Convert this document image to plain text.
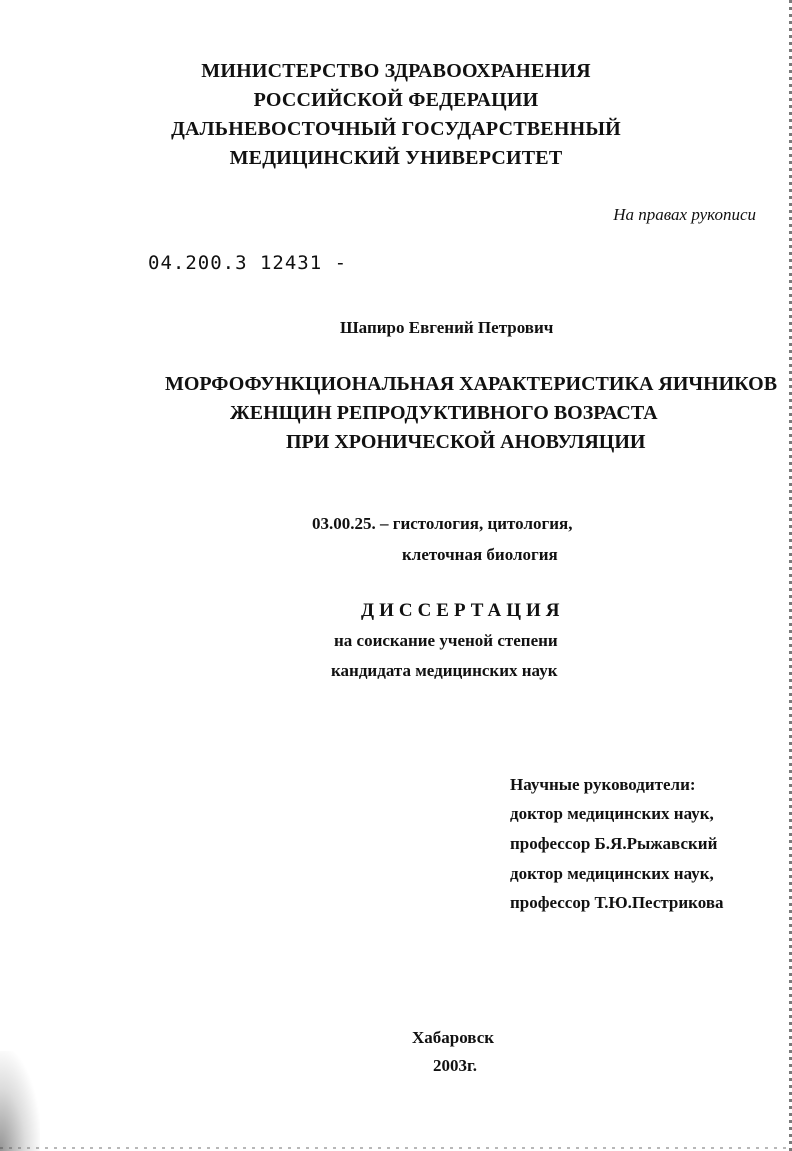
МИНИСТЕРСТВО ЗДРАВООХРАНЕНИЯ
РОССИЙСКОЙ ФЕДЕРАЦИИ
ДАЛЬНЕВОСТОЧНЫЙ ГОСУДАРСТВЕННЫЙ
МЕДИЦИНСКИЙ УНИВЕРСИТЕТ
На правах рукописи
04.200.3 12431 -
Шапиро Евгений Петрович
МОРФОФУНКЦИОНАЛЬНАЯ ХАРАКТЕРИСТИКА ЯИЧНИКОВ
ЖЕНЩИН РЕПРОДУКТИВНОГО ВОЗРАСТА
ПРИ ХРОНИЧЕСКОЙ АНОВУЛЯЦИИ
03.00.25. – гистология, цитология,
клеточная биология
ДИССЕРТАЦИЯ
на соискание ученой степени
кандидата медицинских наук
Научные руководители:
доктор медицинских наук,
профессор Б.Я.Рыжавский
доктор медицинских наук,
профессор Т.Ю.Пестрикова
Хабаровск
2003г.
